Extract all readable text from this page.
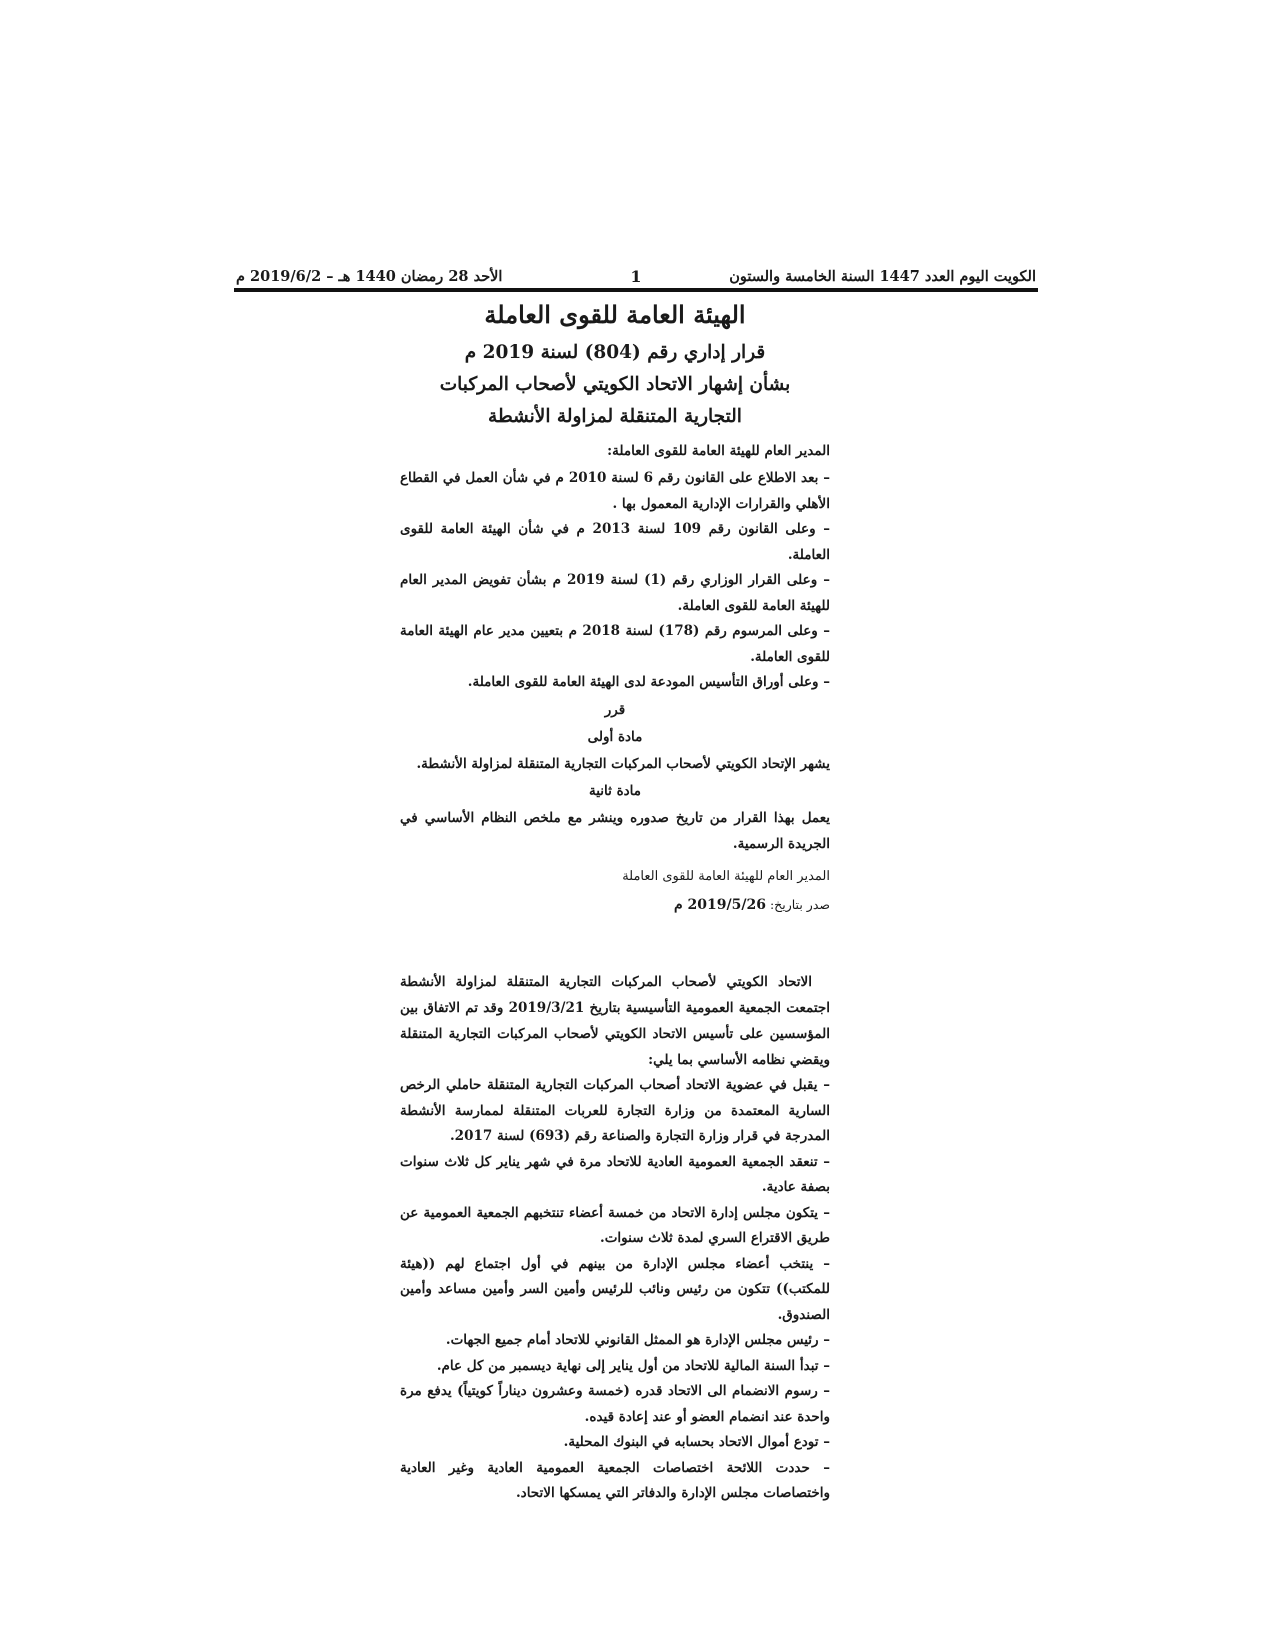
الكويت اليوم العدد 1447 السنة الخامسة والستون
1
الأحد 28 رمضان 1440 هـ – 2019/6/2 م
الهيئة العامة للقوى العاملة

قرار إداري رقم (804) لسنة 2019 م

بشأن إشهار الاتحاد الكويتي لأصحاب المركبات

التجارية المتنقلة لمزاولة الأنشطة

المدير العام للهيئة العامة للقوى العاملة:

– بعد الاطلاع على القانون رقم 6 لسنة 2010 م في شأن العمل في القطاع الأهلي والقرارات الإدارية المعمول بها .

– وعلى القانون رقم 109 لسنة 2013 م في شأن الهيئة العامة للقوى العاملة.

– وعلى القرار الوزاري رقم (1) لسنة 2019 م بشأن تفويض المدير العام للهيئة العامة للقوى العاملة.

– وعلى المرسوم رقم (178) لسنة 2018 م بتعيين مدير عام الهيئة العامة للقوى العاملة.

– وعلى أوراق التأسيس المودعة لدى الهيئة العامة للقوى العاملة.

قرر

مادة أولى

يشهر الإتحاد الكويتي لأصحاب المركبات التجارية المتنقلة لمزاولة الأنشطة.

مادة ثانية

يعمل بهذا القرار من تاريخ صدوره وينشر مع ملخص النظام الأساسي في الجريدة الرسمية.

المدير العام للهيئة العامة للقوى العاملة

صدر بتاريخ: 2019/5/26 م

الاتحاد الكويتي لأصحاب المركبات التجارية المتنقلة لمزاولة الأنشطة اجتمعت الجمعية العمومية التأسيسية بتاريخ 2019/3/21 وقد تم الاتفاق بين المؤسسين على تأسيس الاتحاد الكويتي لأصحاب المركبات التجارية المتنقلة ويقضي نظامه الأساسي بما يلي:

– يقبل في عضوية الاتحاد أصحاب المركبات التجارية المتنقلة حاملي الرخص السارية المعتمدة من وزارة التجارة للعربات المتنقلة لممارسة الأنشطة المدرجة في قرار وزارة التجارة والصناعة رقم (693) لسنة 2017.

– تنعقد الجمعية العمومية العادية للاتحاد مرة في شهر يناير كل ثلاث سنوات بصفة عادية.

– يتكون مجلس إدارة الاتحاد من خمسة أعضاء تنتخبهم الجمعية العمومية عن طريق الاقتراع السري لمدة ثلاث سنوات.

– ينتخب أعضاء مجلس الإدارة من بينهم في أول اجتماع لهم ((هيئة للمكتب)) تتكون من رئيس ونائب للرئيس وأمين السر وأمين مساعد وأمين الصندوق.

– رئيس مجلس الإدارة هو الممثل القانوني للاتحاد أمام جميع الجهات.

– تبدأ السنة المالية للاتحاد من أول يناير إلى نهاية ديسمبر من كل عام.

– رسوم الانضمام الى الاتحاد قدره (خمسة وعشرون ديناراً كويتياً) يدفع مرة واحدة عند انضمام العضو أو عند إعادة قيده.

– تودع أموال الاتحاد بحسابه في البنوك المحلية.

– حددت اللائحة اختصاصات الجمعية العمومية العادية وغير العادية واختصاصات مجلس الإدارة والدفاتر التي يمسكها الاتحاد.
